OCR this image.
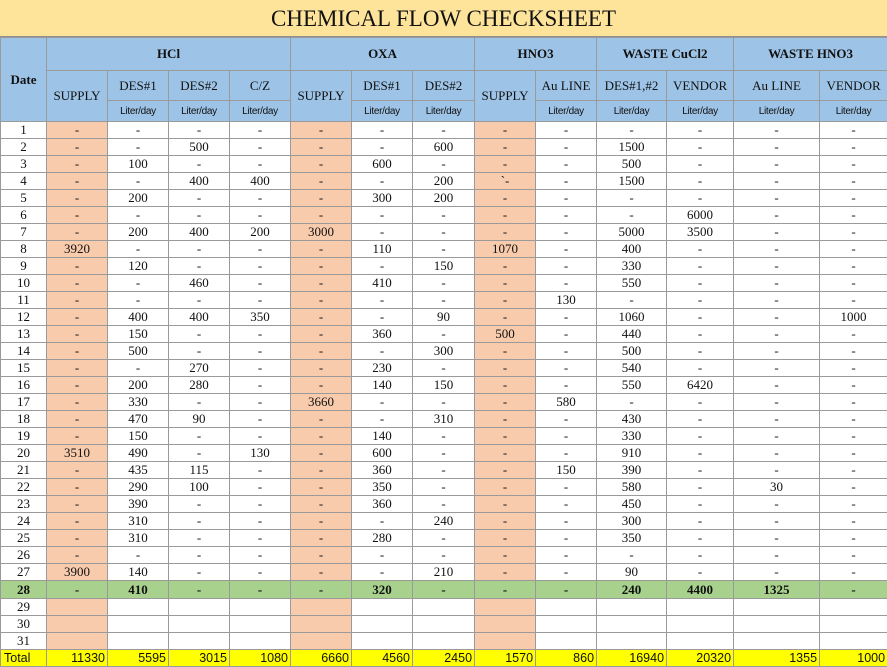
CHEMICAL FLOW CHECKSHEET
Date	HCl				OXA			HNO3		WASTE CuCl2		WASTE HNO3	
	SUPPLY	DES#1	DES#2	C/Z	SUPPLY	DES#1	DES#2	SUPPLY	Au LINE	DES#1,#2	VENDOR	Au LINE	VENDOR
		Liter/day	Liter/day	Liter/day		Liter/day	Liter/day		Liter/day	Liter/day	Liter/day	Liter/day	Liter/day
1	-	-	-	-	-	-	-	-	-	-	-	-	-
2	-	-	500	-	-	-	600	-	-	1500	-	-	-
3	-	100	-	-	-	600	-	-	-	500	-	-	-
4	-	-	400	400	-	-	200	`-	-	1500	-	-	-
5	-	200	-	-	-	300	200	-	-	-	-	-	-
6	-	-	-	-	-	-	-	-	-	-	6000	-	-
7	-	200	400	200	3000	-	-	-	-	5000	3500	-	-
8	3920	-	-	-	-	110	-	1070	-	400	-	-	-
9	-	120	-	-	-	-	150	-	-	330	-	-	-
10	-	-	460	-	-	410	-	-	-	550	-	-	-
11	-	-	-	-	-	-	-	-	130	-	-	-	-
12	-	400	400	350	-	-	90	-	-	1060	-	-	1000
13	-	150	-	-	-	360	-	500	-	440	-	-	-
14	-	500	-	-	-	-	300	-	-	500	-	-	-
15	-	-	270	-	-	230	-	-	-	540	-	-	-
16	-	200	280	-	-	140	150	-	-	550	6420	-	-
17	-	330	-	-	3660	-	-	-	580	-	-	-	-
18	-	470	90	-	-	-	310	-	-	430	-	-	-
19	-	150	-	-	-	140	-	-	-	330	-	-	-
20	3510	490	-	130	-	600	-	-	-	910	-	-	-
21	-	435	115	-	-	360	-	-	150	390	-	-	-
22	-	290	100	-	-	350	-	-	-	580	-	30	-
23	-	390	-	-	-	360	-	-	-	450	-	-	-
24	-	310	-	-	-	-	240	-	-	300	-	-	-
25	-	310	-	-	-	280	-	-	-	350	-	-	-
26	-	-	-	-	-	-	-	-	-	-	-	-	-
27	3900	140	-	-	-	-	210	-	-	90	-	-	-
28	-	410	-	-	-	320	-	-	-	240	4400	1325	-
29													
30													
31													
Total	11330	5595	3015	1080	6660	4560	2450	1570	860	16940	20320	1355	1000
